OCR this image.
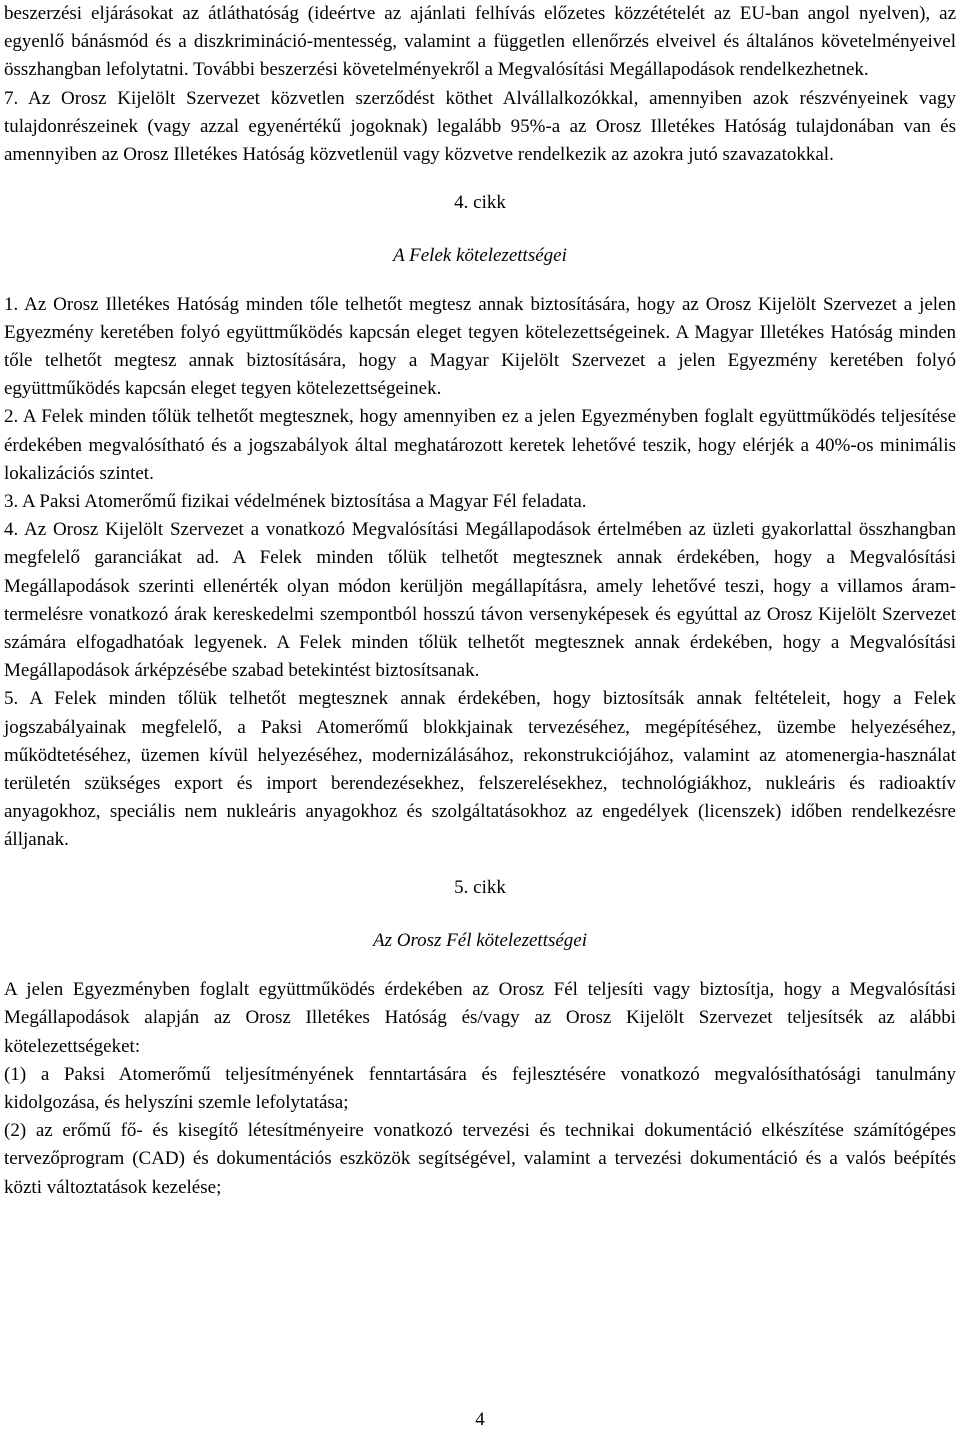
beszerzési eljárásokat az átláthatóság (ideértve az ajánlati felhívás előzetes közzétételét az EU-ban angol nyelven), az egyenlő bánásmód és a diszkrimináció-mentesség, valamint a független ellenőrzés elveivel és általános követelményeivel összhangban lefolytatni. További beszerzési követelményekről a Megvalósítási Megállapodások rendelkezhetnek.

7. Az Orosz Kijelölt Szervezet közvetlen szerződést köthet Alvállalkozókkal, amennyiben azok részvényeinek vagy tulajdonrészeinek (vagy azzal egyenértékű jogoknak) legalább 95%-a az Orosz Illetékes Hatóság tulajdonában van és amennyiben az Orosz Illetékes Hatóság közvetlenül vagy közvetve rendelkezik az azokra jutó szavazatokkal.

4. cikk

A Felek kötelezettségei

1. Az Orosz Illetékes Hatóság minden tőle telhetőt megtesz annak biztosítására, hogy az Orosz Kijelölt Szervezet a jelen Egyezmény keretében folyó együttműködés kapcsán eleget tegyen kötelezettségeinek. A Magyar Illetékes Hatóság minden tőle telhetőt megtesz annak biztosítására, hogy a Magyar Kijelölt Szervezet a jelen Egyezmény keretében folyó együttműködés kapcsán eleget tegyen kötelezettségeinek.

2. A Felek minden tőlük telhetőt megtesznek, hogy amennyiben ez a jelen Egyezményben foglalt együttműködés teljesítése érdekében megvalósítható és a jogszabályok által meghatározott keretek lehetővé teszik, hogy elérjék a 40%-os minimális lokalizációs szintet.

3. A Paksi Atomerőmű fizikai védelmének biztosítása a Magyar Fél feladata.

4. Az Orosz Kijelölt Szervezet a vonatkozó Megvalósítási Megállapodások értelmében az üzleti gyakorlattal összhangban megfelelő garanciákat ad. A Felek minden tőlük telhetőt megtesznek annak érdekében, hogy a Megvalósítási Megállapodások szerinti ellenérték olyan módon kerüljön megállapításra, amely lehetővé teszi, hogy a villamos áram-termelésre vonatkozó árak kereskedelmi szempontból hosszú távon versenyképesek és egyúttal az Orosz Kijelölt Szervezet számára elfogadhatóak legyenek. A Felek minden tőlük telhetőt megtesznek annak érdekében, hogy a Megvalósítási Megállapodások árképzésébe szabad betekintést biztosítsanak.

5. A Felek minden tőlük telhetőt megtesznek annak érdekében, hogy biztosítsák annak feltételeit, hogy a Felek jogszabályainak megfelelő, a Paksi Atomerőmű blokkjainak tervezéséhez, megépítéséhez, üzembe helyezéséhez, működtetéséhez, üzemen kívül helyezéséhez, modernizálásához, rekonstrukciójához, valamint az atomenergia-használat területén szükséges export és import berendezésekhez, felszerelésekhez, technológiákhoz, nukleáris és radioaktív anyagokhoz, speciális nem nukleáris anyagokhoz és szolgáltatásokhoz az engedélyek (licenszek) időben rendelkezésre álljanak.

5. cikk

Az Orosz Fél kötelezettségei

A jelen Egyezményben foglalt együttműködés érdekében az Orosz Fél teljesíti vagy biztosítja, hogy a Megvalósítási Megállapodások alapján az Orosz Illetékes Hatóság és/vagy az Orosz Kijelölt Szervezet teljesítsék az alábbi kötelezettségeket:

(1) a Paksi Atomerőmű teljesítményének fenntartására és fejlesztésére vonatkozó megvalósíthatósági tanulmány kidolgozása, és helyszíni szemle lefolytatása;

(2) az erőmű fő- és kisegítő létesítményeire vonatkozó tervezési és technikai dokumentáció elkészítése számítógépes tervezőprogram (CAD) és dokumentációs eszközök segítségével, valamint a tervezési dokumentáció és a valós beépítés közti változtatások kezelése;

4
